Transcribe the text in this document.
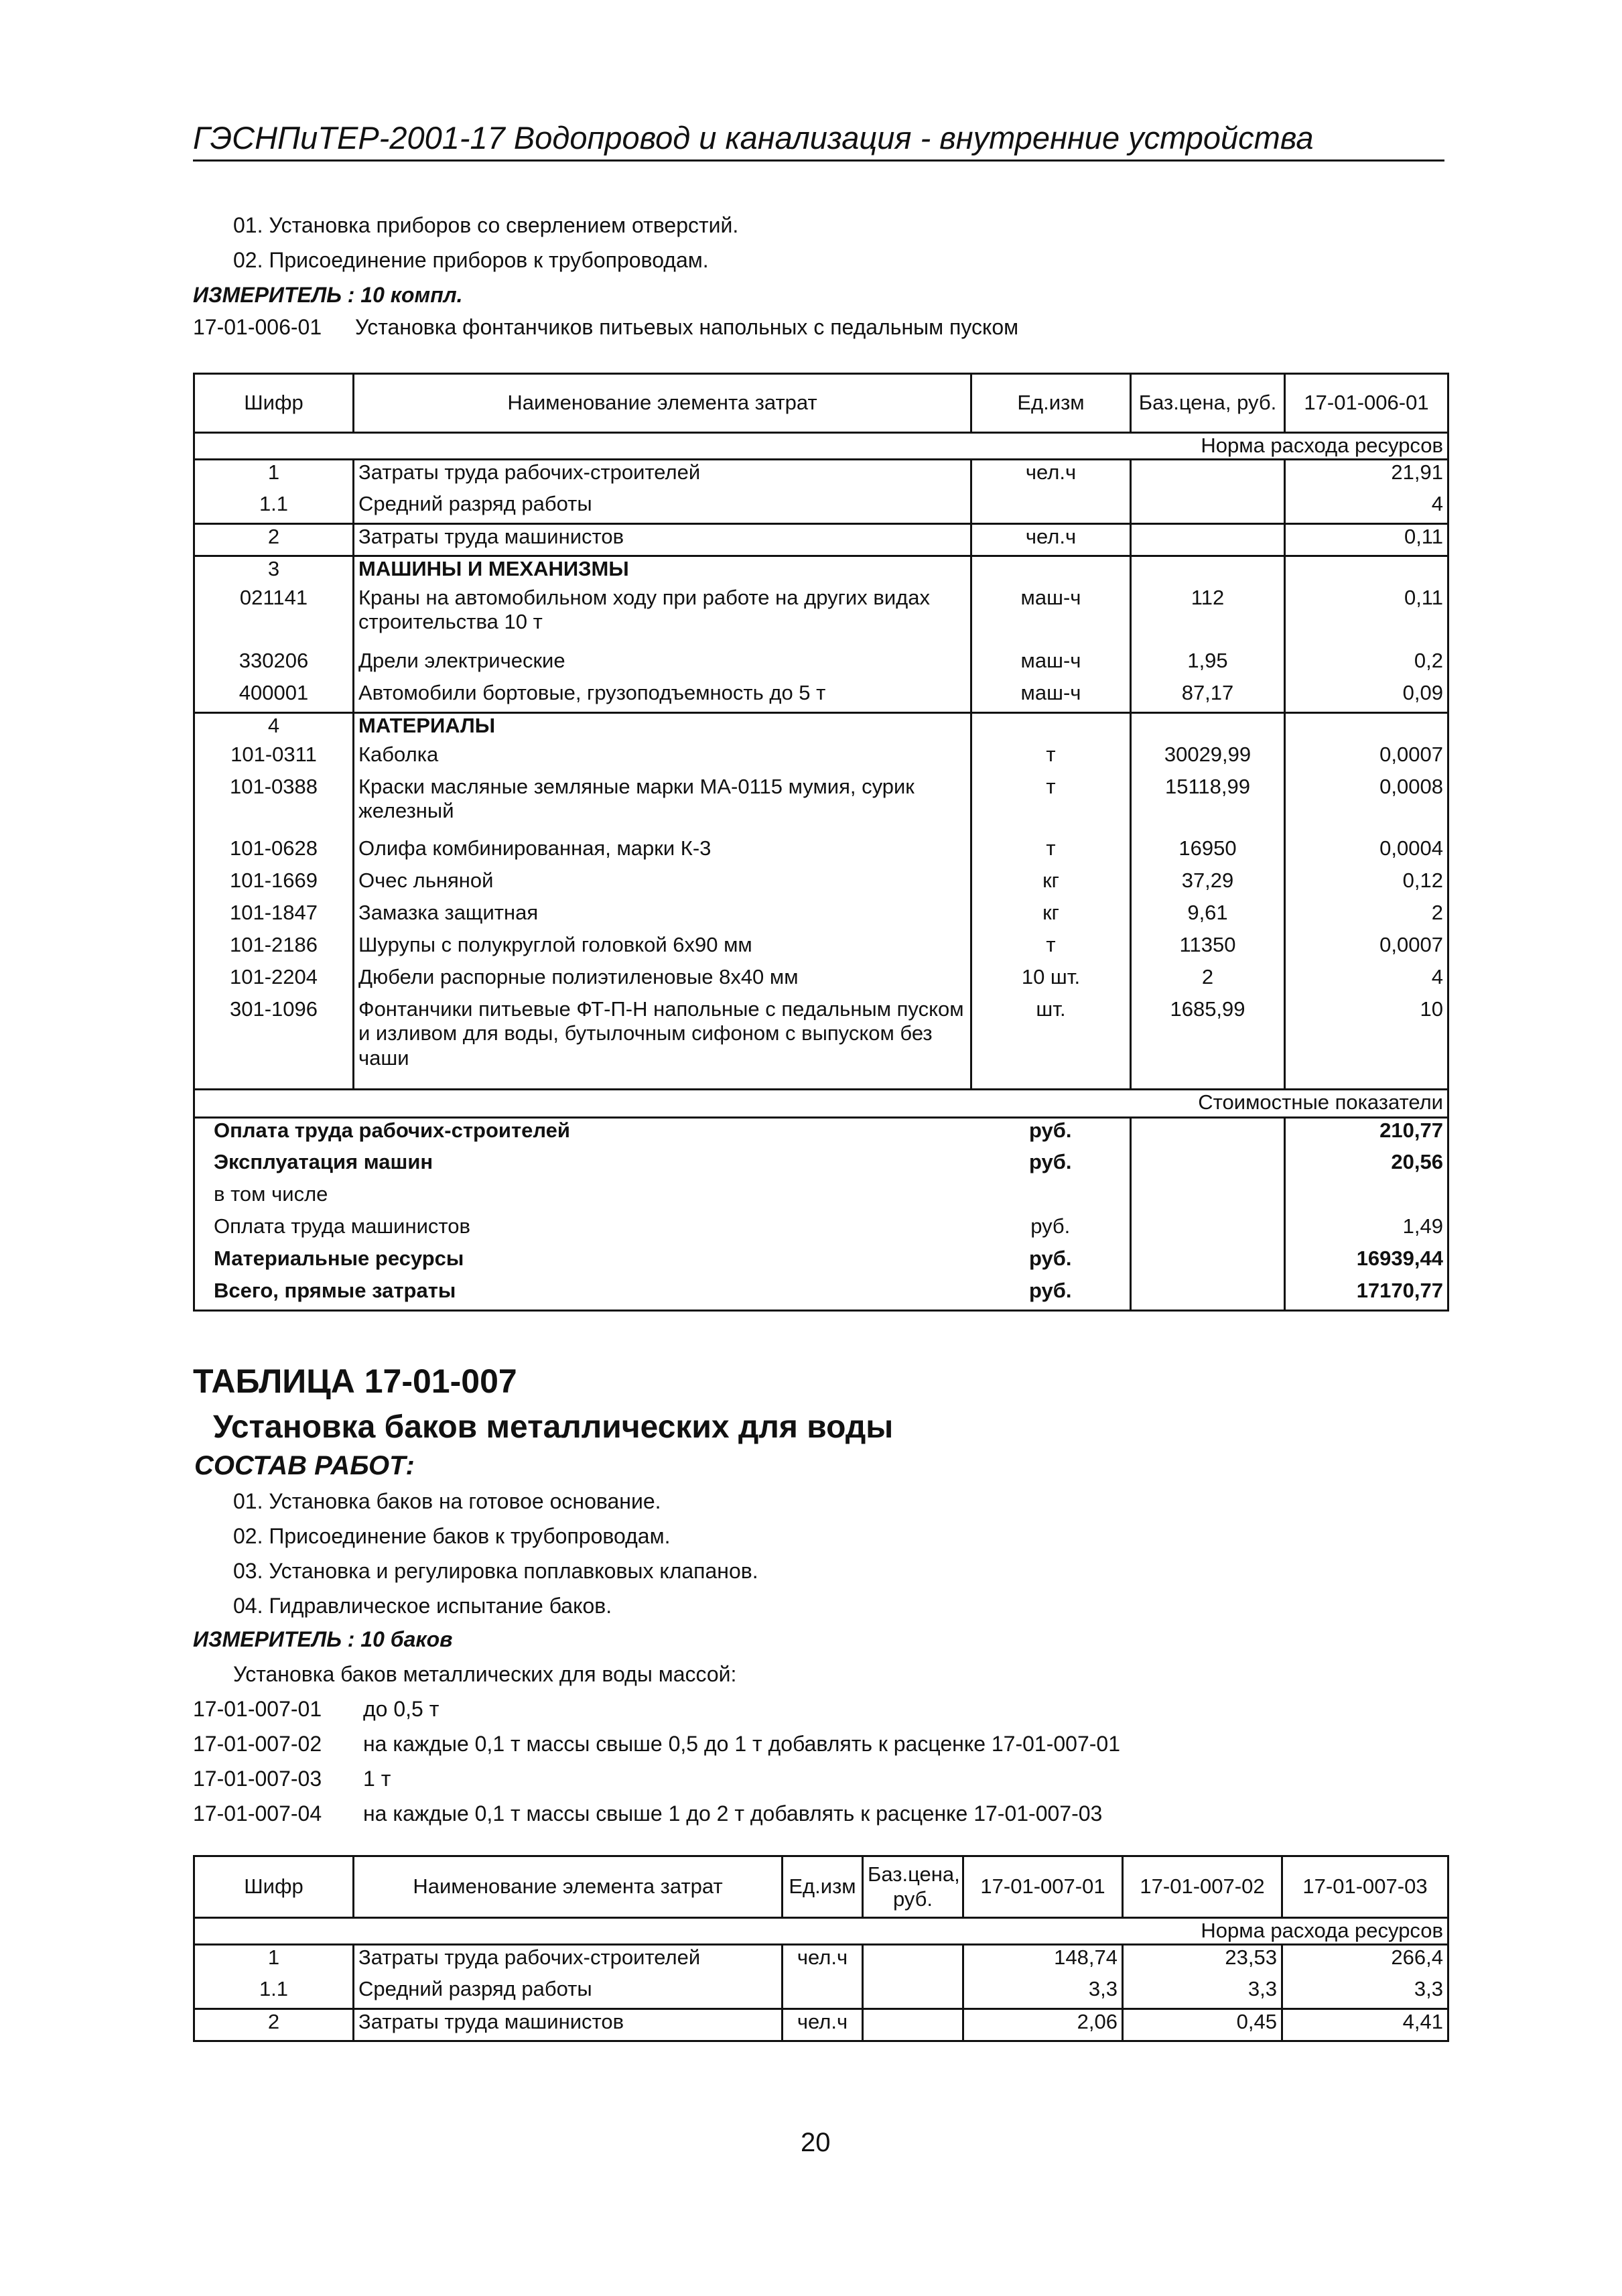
ГЭСНПиТЕР-2001-17 Водопровод и канализация - внутренние устройства
01. Установка приборов со сверлением отверстий.
02. Присоединение приборов к трубопроводам.
ИЗМЕРИТЕЛЬ : 10 компл.
17-01-006-01 Установка фонтанчиков питьевых напольных с педальным пуском
Шифр	Наименование элемента затрат	Ед.изм	Баз.цена, руб.	17-01-006-01
Норма расхода ресурсов				
1	Затраты труда рабочих-строителей	чел.ч		21,91
1.1	Средний разряд работы			4
2	Затраты труда машинистов	чел.ч		0,11
3	МАШИНЫ И МЕХАНИЗМЫ			
021141	Краны на автомобильном ходу при работе на других видах строительства 10 т	маш-ч	112	0,11
330206	Дрели электрические	маш-ч	1,95	0,2
400001	Автомобили бортовые, грузоподъемность до 5 т	маш-ч	87,17	0,09
4	МАТЕРИАЛЫ			
101-0311	Каболка	т	30029,99	0,0007
101-0388	Краски масляные земляные марки МА-0115 мумия, сурик железный	т	15118,99	0,0008
101-0628	Олифа комбинированная, марки К-3	т	16950	0,0004
101-1669	Очес льняной	кг	37,29	0,12
101-1847	Замазка защитная	кг	9,61	2
101-2186	Шурупы с полукруглой головкой 6х90 мм	т	11350	0,0007
101-2204	Дюбели распорные полиэтиленовые 8х40 мм	10 шт.	2	4
301-1096	Фонтанчики питьевые ФТ-П-Н напольные с педальным пуском и изливом для воды, бутылочным сифоном с выпуском без чаши	шт.	1685,99	10
Стоимостные показатели				
Оплата труда рабочих-строителей		руб.		210,77
Эксплуатация машин		руб.		20,56
в том числе				
Оплата труда машинистов		руб.		1,49
Материальные ресурсы		руб.		16939,44
Всего, прямые затраты		руб.		17170,77
ТАБЛИЦА 17-01-007
Установка баков металлических для воды
СОСТАВ РАБОТ:
01. Установка баков на готовое основание.
02. Присоединение баков к трубопроводам.
03. Установка и регулировка поплавковых клапанов.
04. Гидравлическое испытание баков.
ИЗМЕРИТЕЛЬ : 10 баков
Установка баков металлических для воды массой:
17-01-007-01 до 0,5 т
17-01-007-02 на каждые 0,1 т массы свыше 0,5 до 1 т добавлять к расценке 17-01-007-01
17-01-007-03 1 т
17-01-007-04 на каждые 0,1 т массы свыше 1 до 2 т добавлять к расценке 17-01-007-03
Шифр	Наименование элемента затрат	Ед.изм	Баз.цена, руб.	17-01-007-01	17-01-007-02	17-01-007-03
Норма расхода ресурсов						
1	Затраты труда рабочих-строителей	чел.ч		148,74	23,53	266,4
1.1	Средний разряд работы			3,3	3,3	3,3
2	Затраты труда машинистов	чел.ч		2,06	0,45	4,41
20
